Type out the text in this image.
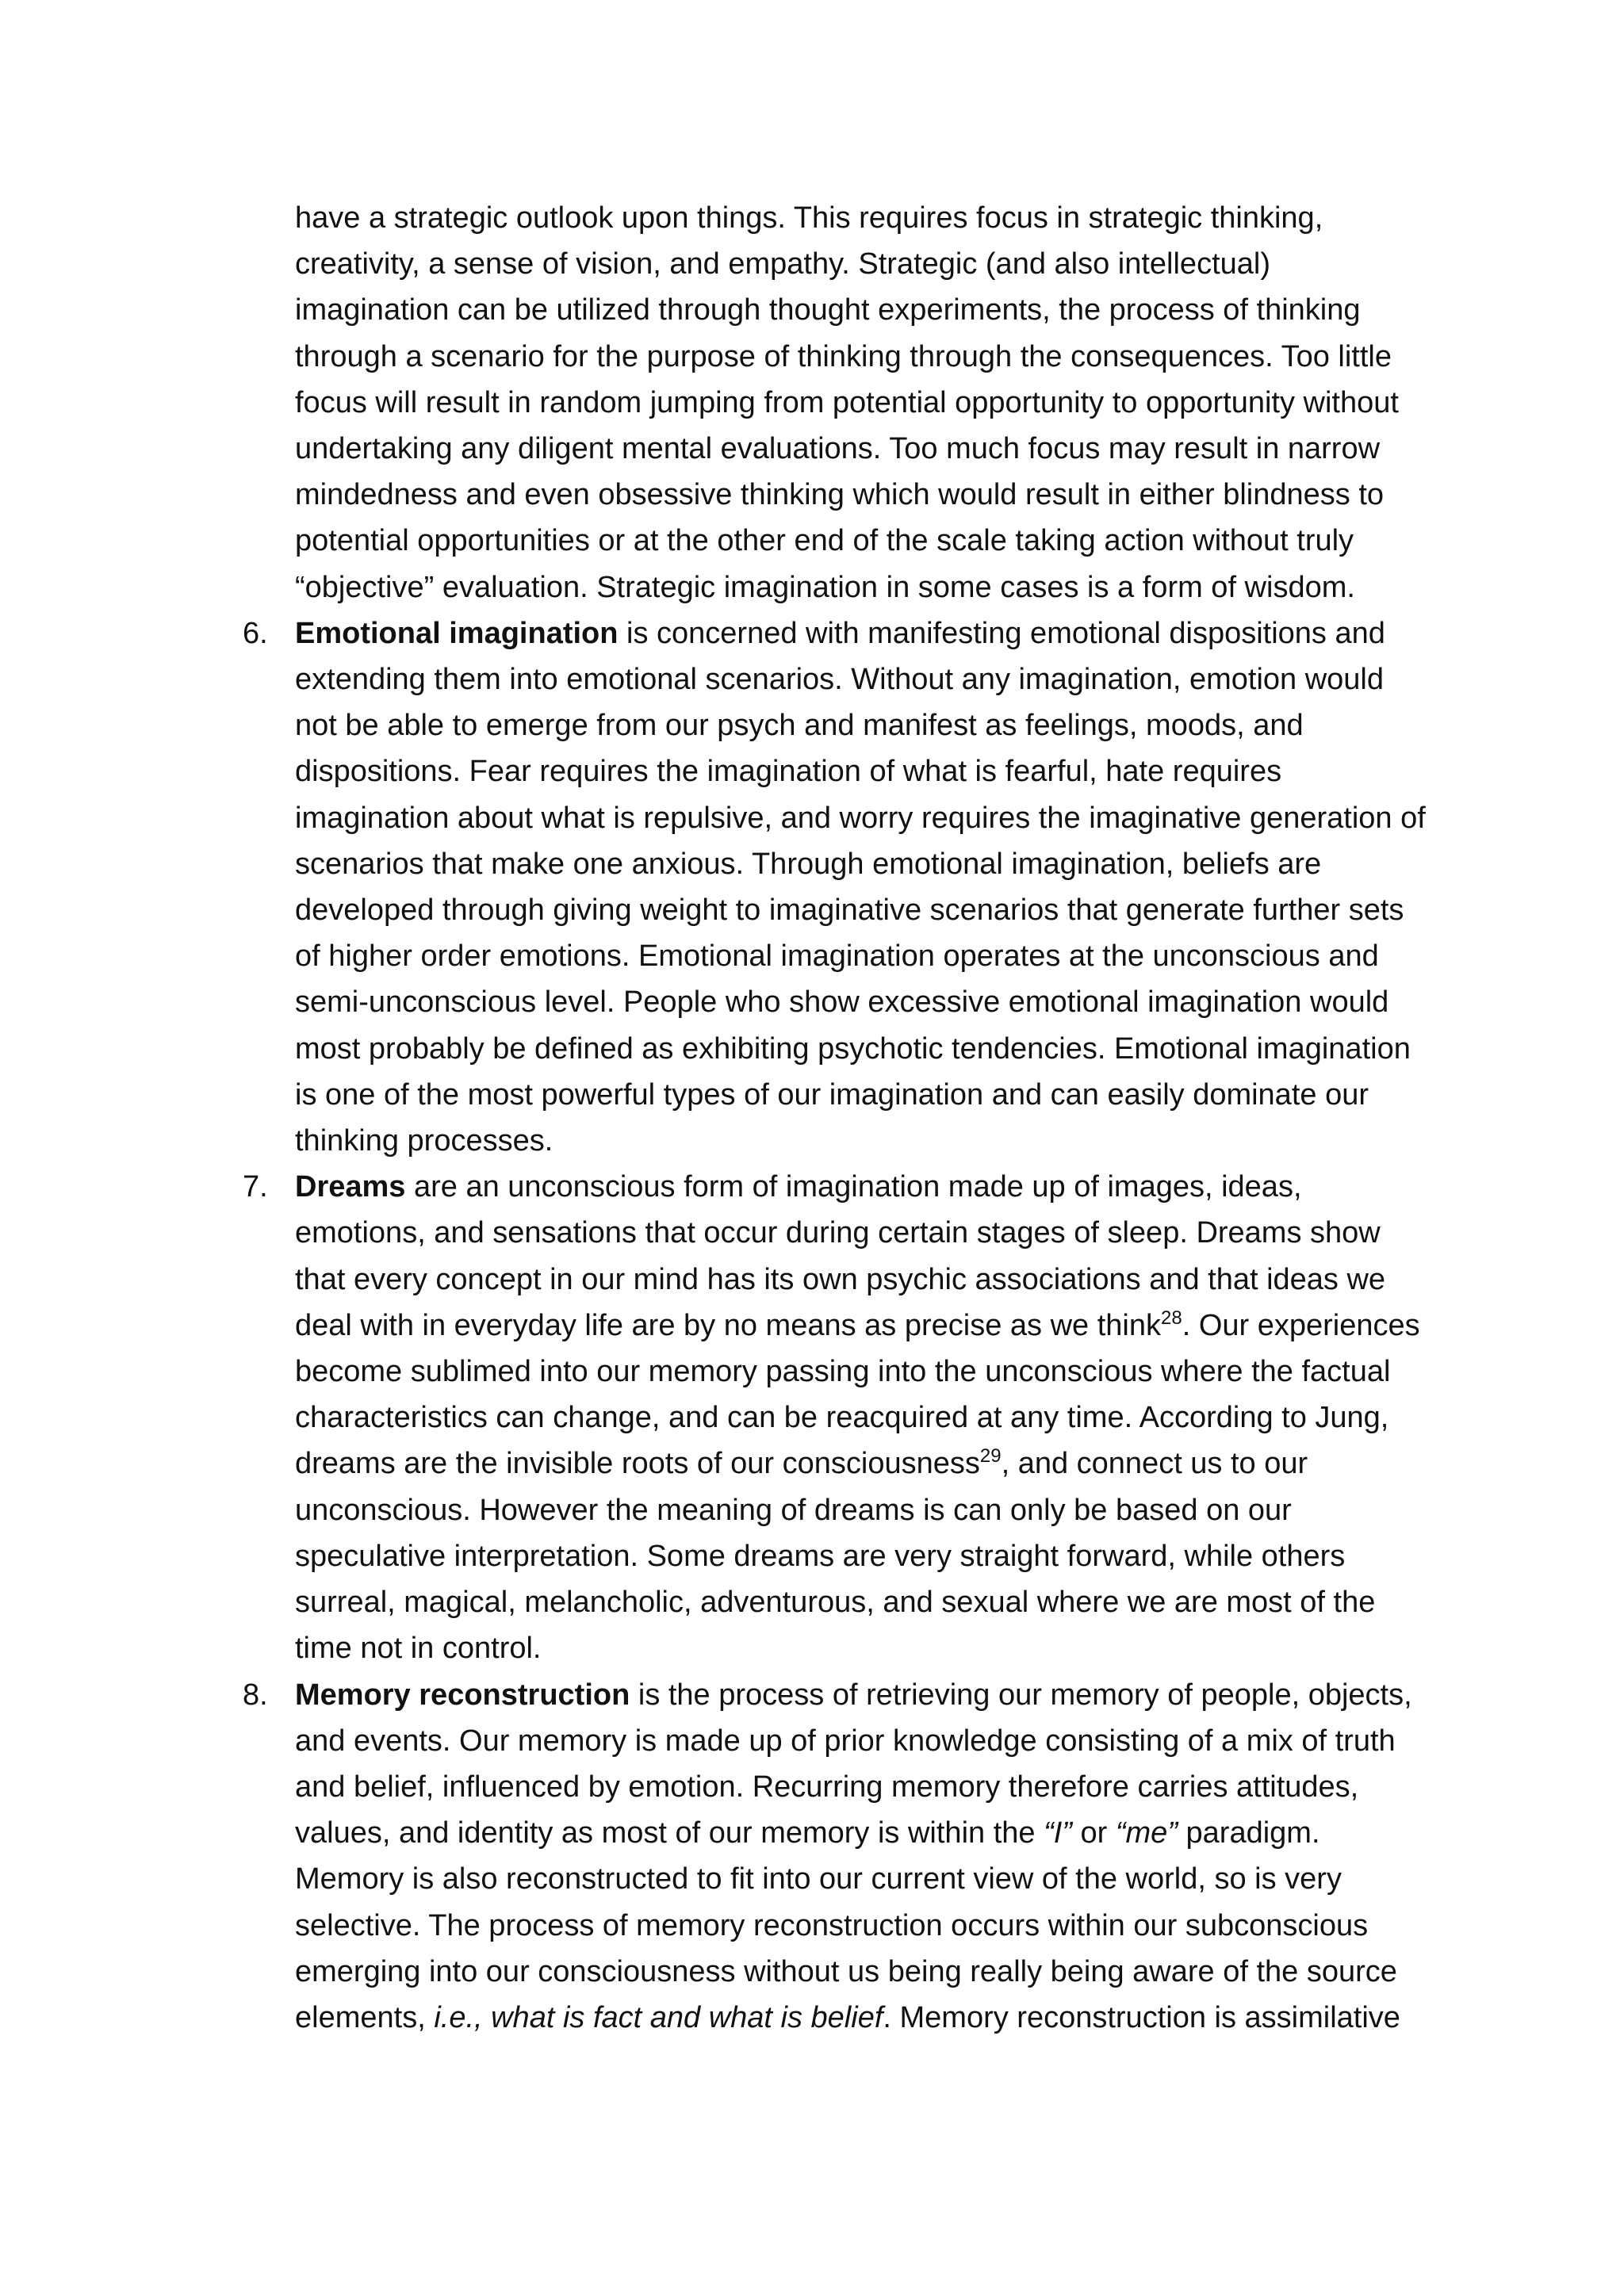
have a strategic outlook upon things. This requires focus in strategic thinking, creativity, a sense of vision, and empathy. Strategic (and also intellectual) imagination can be utilized through thought experiments, the process of thinking through a scenario for the purpose of thinking through the consequences. Too little focus will result in random jumping from potential opportunity to opportunity without undertaking any diligent mental evaluations. Too much focus may result in narrow mindedness and even obsessive thinking which would result in either blindness to potential opportunities or at the other end of the scale taking action without truly “objective” evaluation. Strategic imagination in some cases is a form of wisdom.

6. Emotional imagination is concerned with manifesting emotional dispositions and extending them into emotional scenarios. Without any imagination, emotion would not be able to emerge from our psych and manifest as feelings, moods, and dispositions. Fear requires the imagination of what is fearful, hate requires imagination about what is repulsive, and worry requires the imaginative generation of scenarios that make one anxious. Through emotional imagination, beliefs are developed through giving weight to imaginative scenarios that generate further sets of higher order emotions. Emotional imagination operates at the unconscious and semi-unconscious level. People who show excessive emotional imagination would most probably be defined as exhibiting psychotic tendencies. Emotional imagination is one of the most powerful types of our imagination and can easily dominate our thinking processes.

7. Dreams are an unconscious form of imagination made up of images, ideas, emotions, and sensations that occur during certain stages of sleep. Dreams show that every concept in our mind has its own psychic associations and that ideas we deal with in everyday life are by no means as precise as we think$^{28}$. Our experiences become sublimed into our memory passing into the unconscious where the factual characteristics can change, and can be reacquired at any time. According to Jung, dreams are the invisible roots of our consciousness$^{29}$, and connect us to our unconscious. However the meaning of dreams is can only be based on our speculative interpretation. Some dreams are very straight forward, while others surreal, magical, melancholic, adventurous, and sexual where we are most of the time not in control.

8. Memory reconstruction is the process of retrieving our memory of people, objects, and events. Our memory is made up of prior knowledge consisting of a mix of truth and belief, influenced by emotion. Recurring memory therefore carries attitudes, values, and identity as most of our memory is within the “I” or “me” paradigm. Memory is also reconstructed to fit into our current view of the world, so is very selective. The process of memory reconstruction occurs within our subconscious emerging into our consciousness without us being really being aware of the source elements, i.e., what is fact and what is belief. Memory reconstruction is assimilative
